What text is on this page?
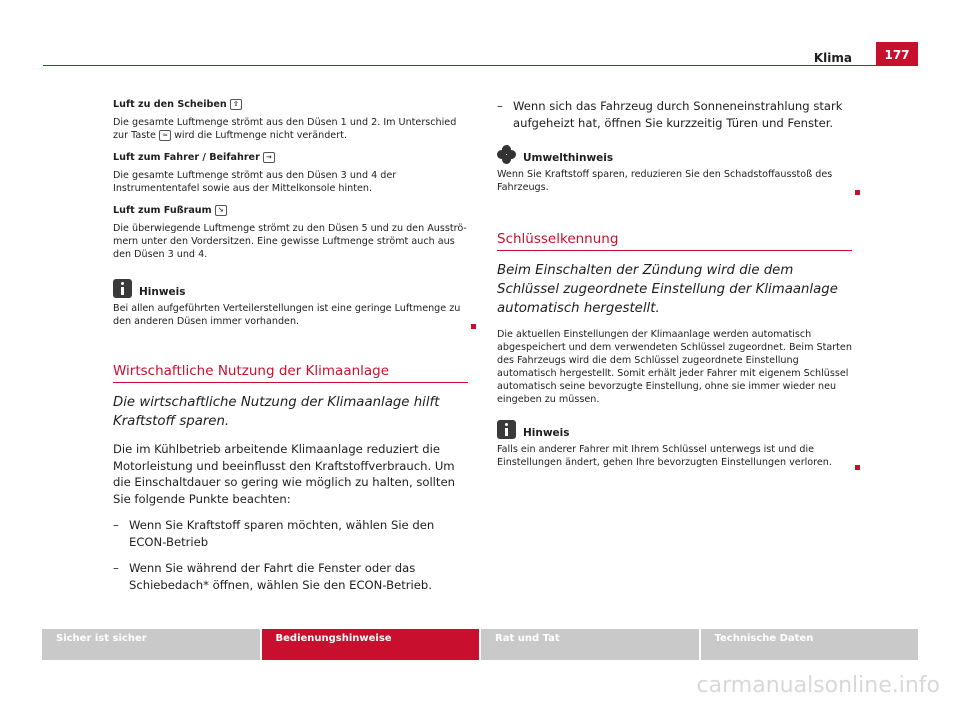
Klima	177

Luft zu den Scheiben ⇧

Die gesamte Luftmenge strömt aus den Düsen 1 und 2. Im Unterschied zur Taste ≈ wird die Luftmenge nicht verändert.

Luft zum Fahrer / Beifahrer →

Die gesamte Luftmenge strömt aus den Düsen 3 und 4 der Instrumententafel sowie aus der Mittelkonsole hinten.

Luft zum Fußraum ↘

Die überwiegende Luftmenge strömt zu den Düsen 5 und zu den Ausströmern unter den Vordersitzen. Eine gewisse Luftmenge strömt auch aus den Düsen 3 und 4.

Hinweis

Bei allen aufgeführten Verteilerstellungen ist eine geringe Luftmenge zu den anderen Düsen immer vorhanden.

Wirtschaftliche Nutzung der Klimaanlage

Die wirtschaftliche Nutzung der Klimaanlage hilft Kraftstoff sparen.

Die im Kühlbetrieb arbeitende Klimaanlage reduziert die Motorleistung und beeinflusst den Kraftstoffverbrauch. Um die Einschaltdauer so gering wie möglich zu halten, sollten Sie folgende Punkte beachten:

– Wenn Sie Kraftstoff sparen möchten, wählen Sie den ECON-Betrieb
– Wenn Sie während der Fahrt die Fenster oder das Schiebedach* öffnen, wählen Sie den ECON-Betrieb.
– Wenn sich das Fahrzeug durch Sonneneinstrahlung stark aufgeheizt hat, öffnen Sie kurzzeitig Türen und Fenster.
Umwelthinweis

Wenn Sie Kraftstoff sparen, reduzieren Sie den Schadstoffausstoß des Fahrzeugs.

Schlüsselkennung

Beim Einschalten der Zündung wird die dem Schlüssel zugeordnete Einstellung der Klimaanlage automatisch hergestellt.

Die aktuellen Einstellungen der Klimaanlage werden automatisch abgespeichert und dem verwendeten Schlüssel zugeordnet. Beim Starten des Fahrzeugs wird die dem Schlüssel zugeordnete Einstellung automatisch hergestellt. Somit erhält jeder Fahrer mit eigenem Schlüssel automatisch seine bevorzugte Einstellung, ohne sie immer wieder neu eingeben zu müssen.

Hinweis

Falls ein anderer Fahrer mit Ihrem Schlüssel unterwegs ist und die Einstellungen ändert, gehen Ihre bevorzugten Einstellungen verloren.

Sicher ist sicher	Bedienungshinweise	Rat und Tat	Technische Daten
carmanualsonline.info
